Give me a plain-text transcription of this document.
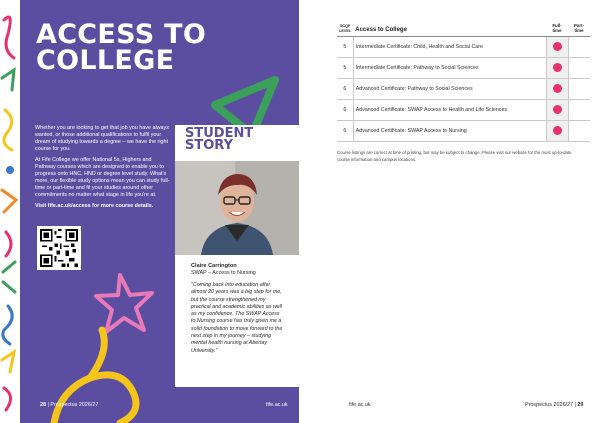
ACCESS TO
COLLEGE

Whether you are looking to get that job you have always wanted, or those additional qualifications to fulfil your dream of studying towards a degree – we have the right course for you.

At Fife College we offer National 5s, Highers and Pathway courses which are designed to enable you to progress onto HNC, HND or degree level study. What's more, our flexible study options mean you can study full-time or part-time and fit your studies around other commitments no matter what stage in life you're at.

Visit fife.ac.uk/access for more course details.

STUDENT
STORY
Claire Carrington
SWAP – Access to Nursing
"Coming back into education after almost 20 years was a big step for me, but the course strengthened my practical and academic abilities as well as my confidence. The SWAP Access to Nursing course has truly given me a solid foundation to move forward to the next step in my journey – studying mental health nursing at Abertay University."
28 | Prospectus 2026/27	fife.ac.uk
SCQF LEVEL	Access to College	Full-time	Part-time
5	Intermediate Certificate: Child, Health and Social Care		
5	Intermediate Certificate: Pathway to Social Sciences		
6	Advanced Certificate: Pathway to Social Sciences		
6	Advanced Certificate: SWAP Access to Health and Life Sciences		
6	Advanced Certificate: SWAP Access to Nursing		
Course listings are correct at time of printing, but may be subject to change. Please visit our website for the most up-to-date course information and campus locations.
fife.ac.uk	Prospectus 2026/27 | 29
